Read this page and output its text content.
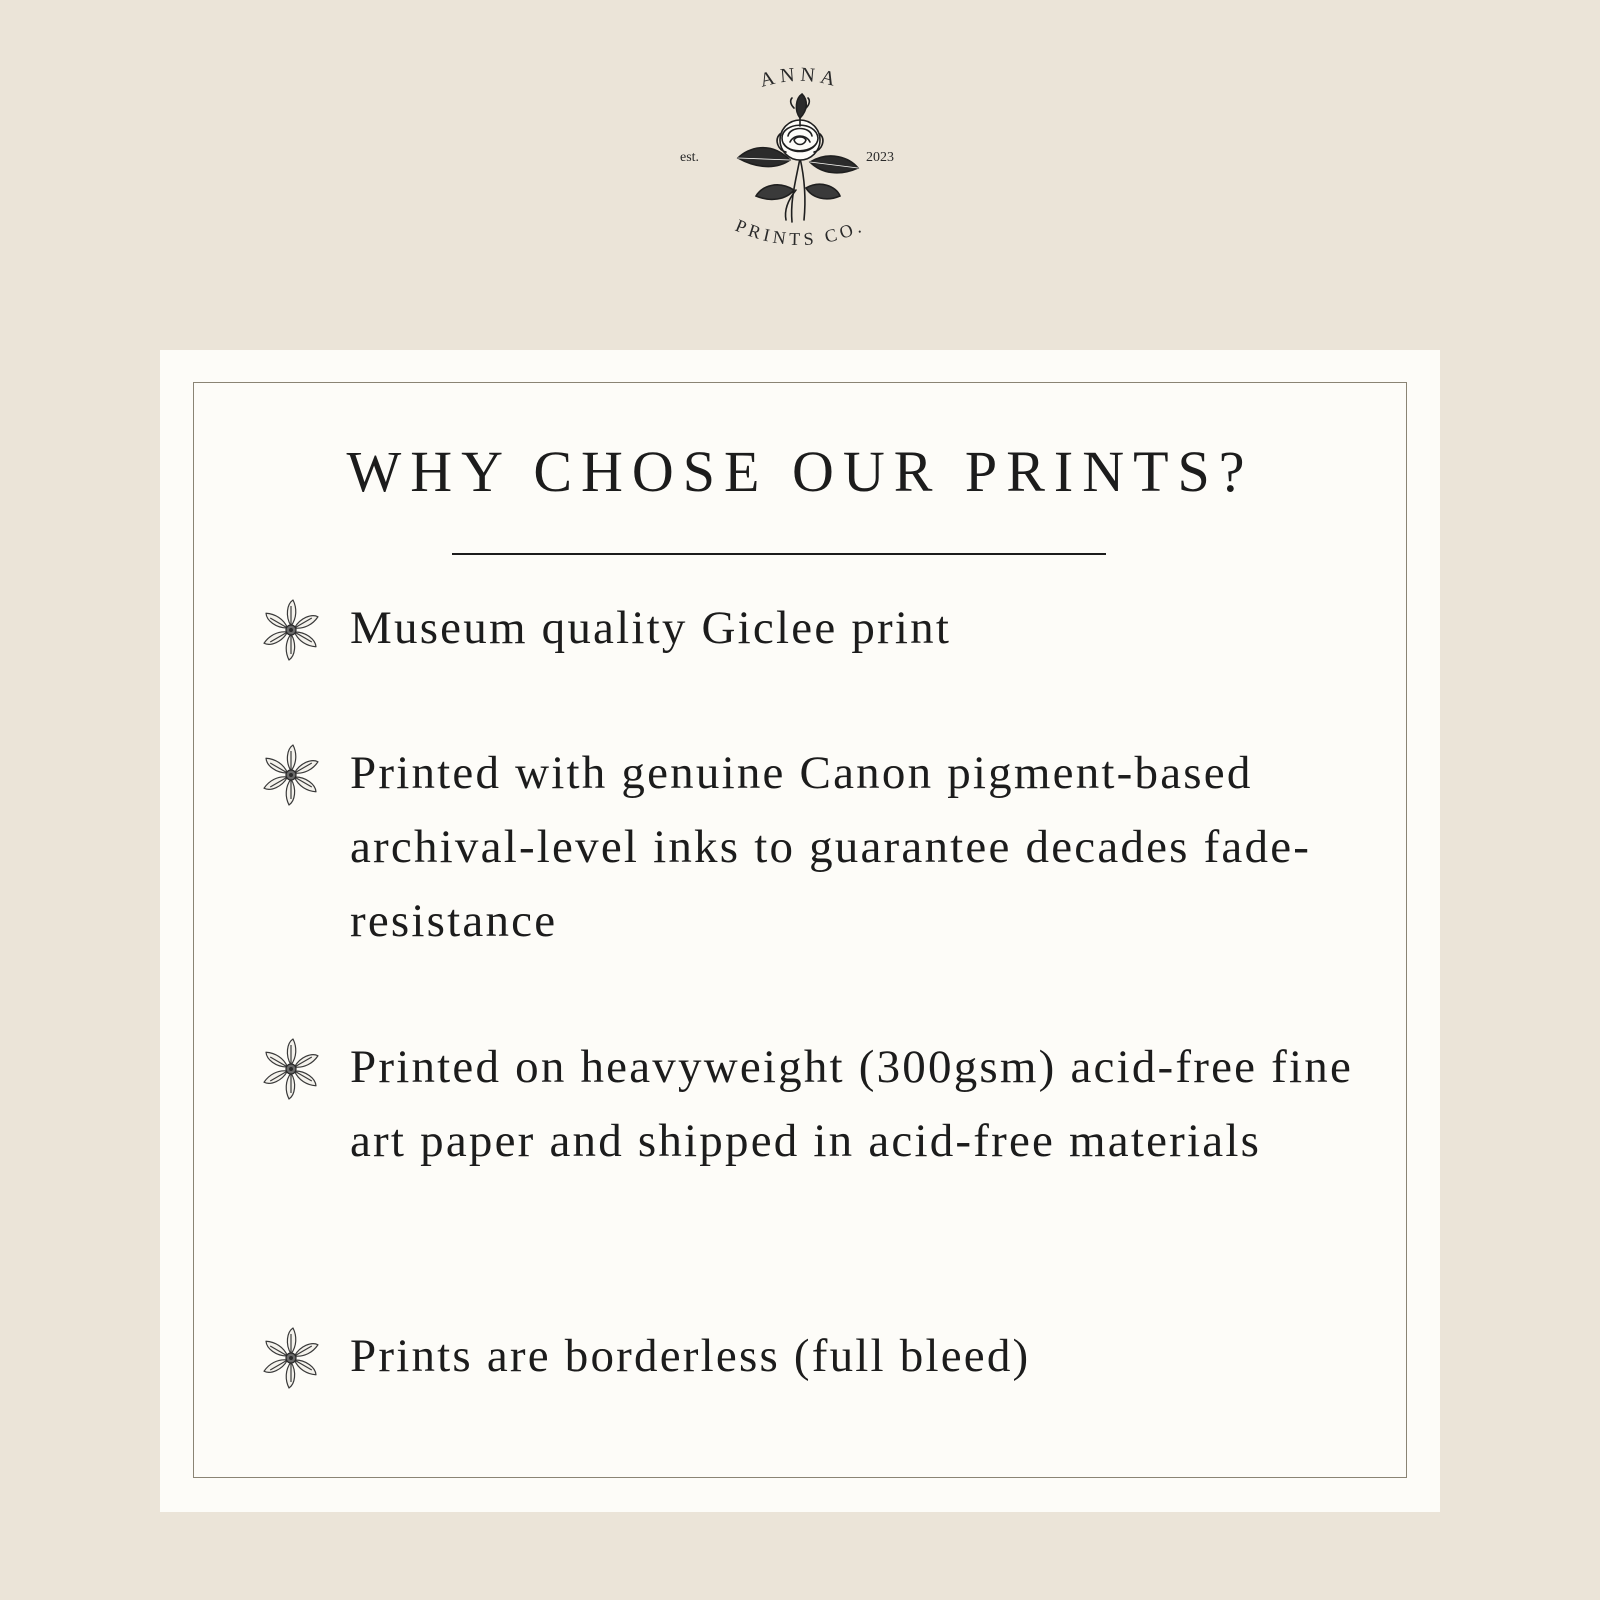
ANNA
PRINTS CO.
est.	2023
WHY CHOSE OUR PRINTS?
Museum quality Giclee print
Printed with genuine Canon pigment-based archival-level inks to guarantee decades fade-resistance
Printed on heavyweight (300gsm) acid-free fine art paper and shipped in acid-free materials
Prints are borderless (full bleed)
